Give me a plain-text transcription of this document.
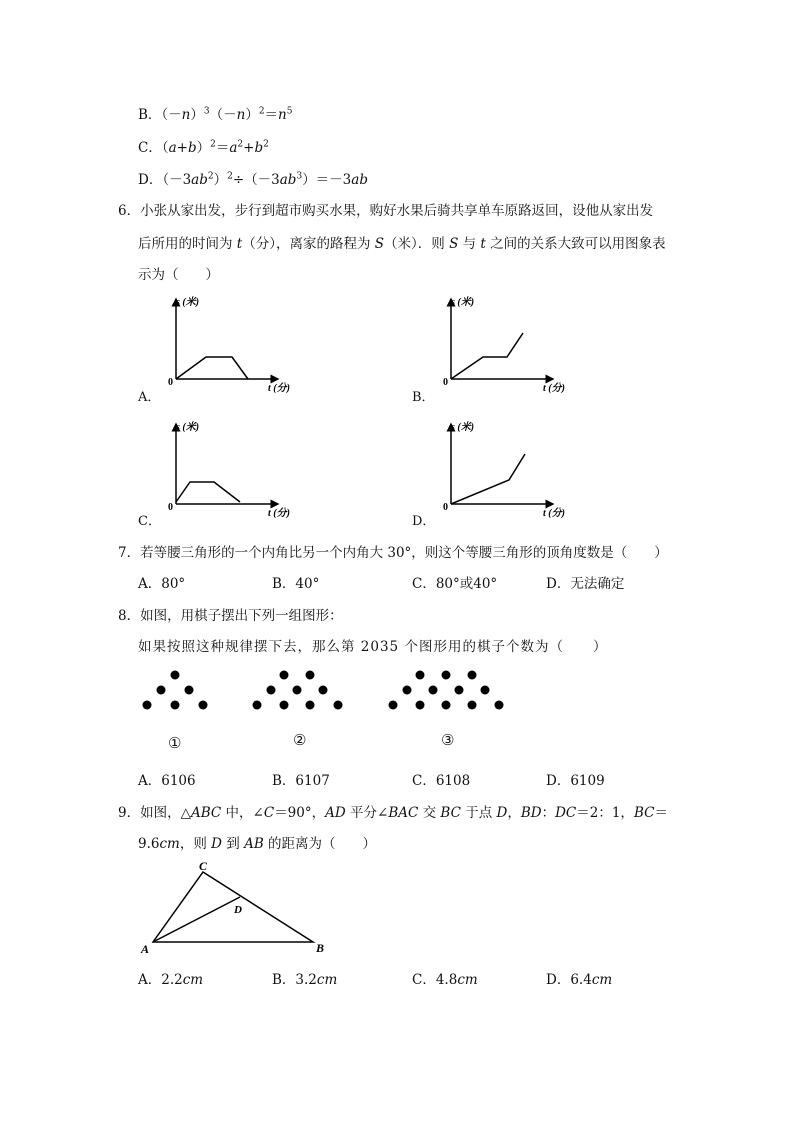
B．$(-n)^3(-n)^2=n^5$
C．$(a+b)^2=a^2+b^2$
D．$(-3ab^2)^2\div(-3ab^3)=-3ab$
6．小张从家出发，步行到超市购买水果，购好水果后骑共享单车原路返回，设他从家出发
后所用的时间为 t（分），离家的路程为 S（米）．则 S 与 t 之间的关系大致可以用图象表
示为（　　）
A．
s (米)
t (分)
0
B．
s (米)
t (分)
0
C．
s (米)
t (分)
0
D．
s (米)
t (分)
0
7．若等腰三角形的一个内角比另一个内角大 30°，则这个等腰三角形的顶角度数是（　　）
A．80°	B．40°	C．80°或40°	D．无法确定
8．如图，用棋子摆出下列一组图形：
如果按照这种规律摆下去，那么第 2035 个图形用的棋子个数为（　　）
①	②	③
A．6106	B．6107	C．6108	D．6109
9．如图，△ABC 中，∠C＝90°，AD 平分∠BAC 交 BC 于点 D，BD：DC＝2：1，BC＝
9.6cm，则 D 到 AB 的距离为（　　）
C
D
A	B
A．2.2cm	B．3.2cm	C．4.8cm	D．6.4cm
